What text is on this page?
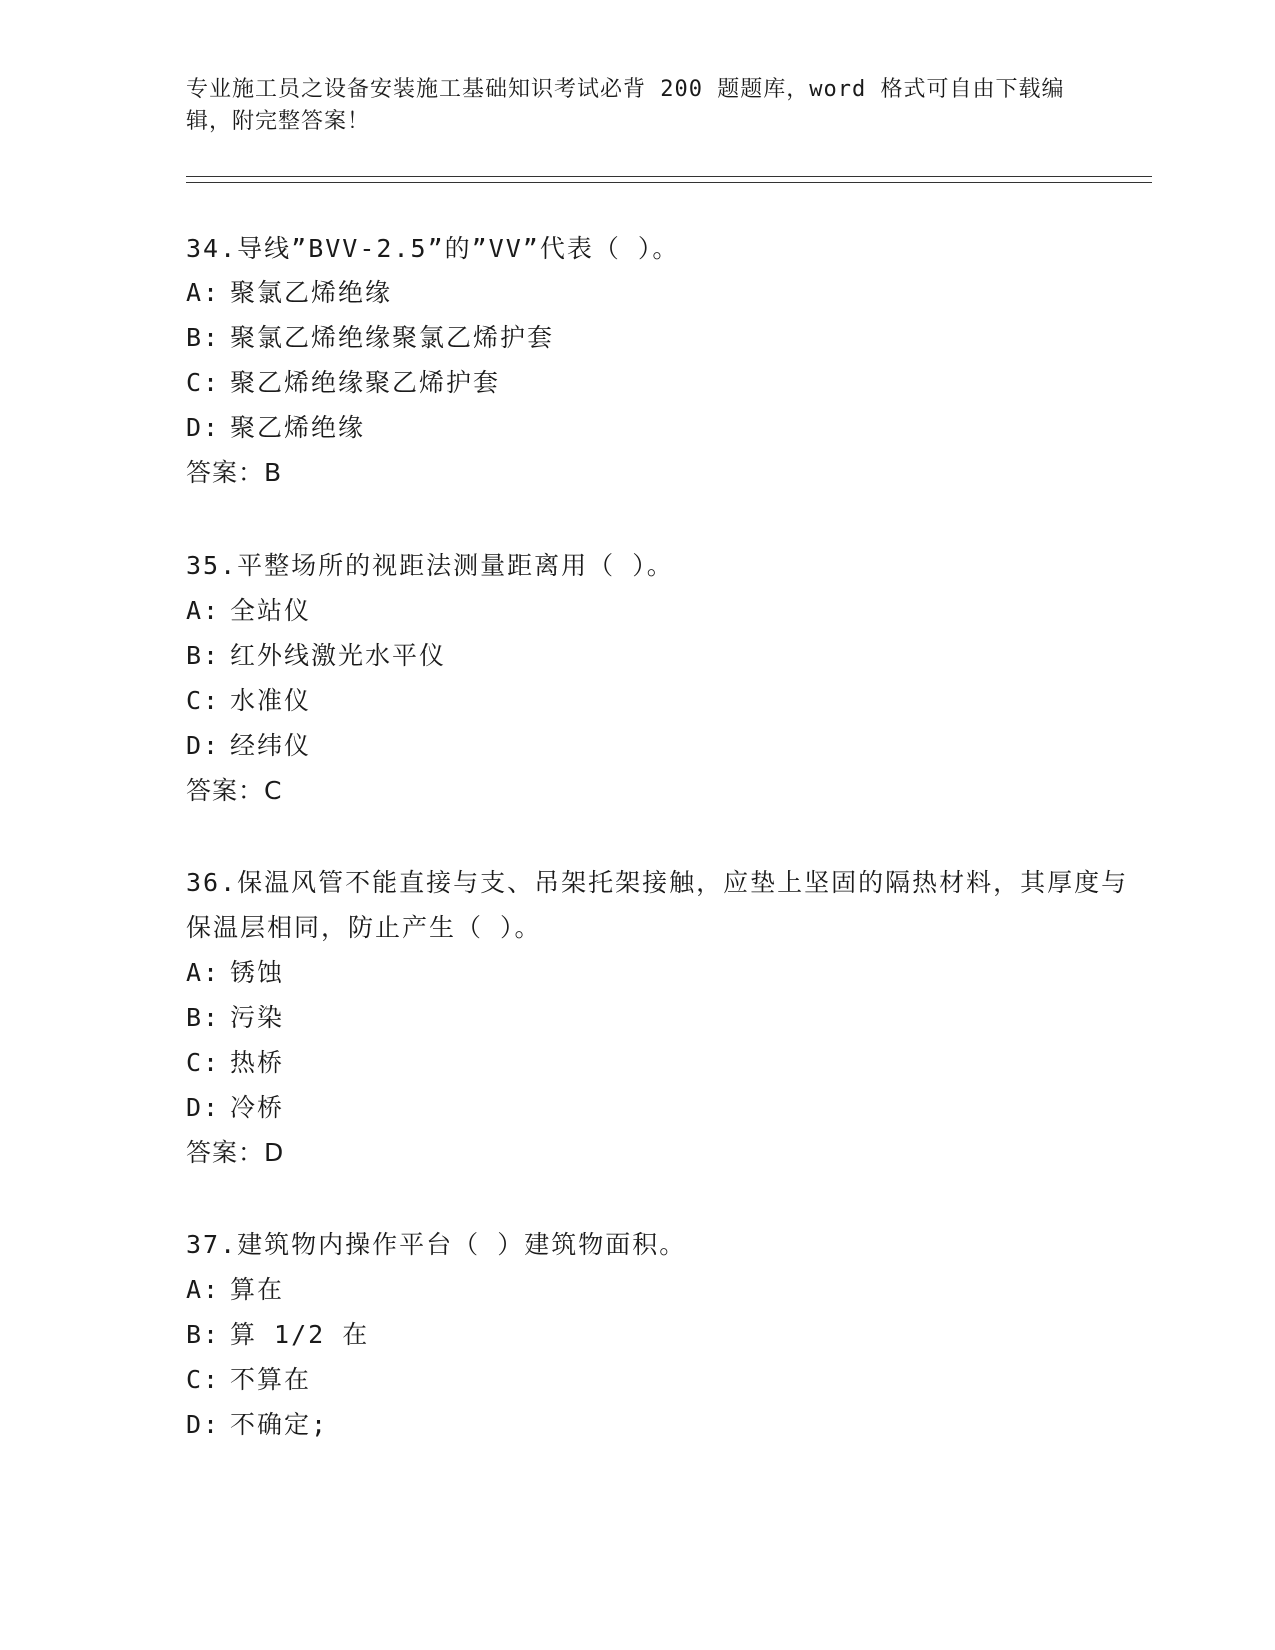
专业施工员之设备安装施工基础知识考试必背 200 题题库，word 格式可自由下载编辑，附完整答案！
34.导线”BVV-2.5”的”VV”代表（ ）。
A: 聚氯乙烯绝缘
B: 聚氯乙烯绝缘聚氯乙烯护套
C: 聚乙烯绝缘聚乙烯护套
D: 聚乙烯绝缘
答案：B
35.平整场所的视距法测量距离用（ ）。
A: 全站仪
B: 红外线激光水平仪
C: 水准仪
D: 经纬仪
答案：C
36.保温风管不能直接与支、吊架托架接触，应垫上坚固的隔热材料，其厚度与保温层相同，防止产生（ ）。
A: 锈蚀
B: 污染
C: 热桥
D: 冷桥
答案：D
37.建筑物内操作平台（ ）建筑物面积。
A: 算在
B: 算 1/2 在
C: 不算在
D: 不确定;
